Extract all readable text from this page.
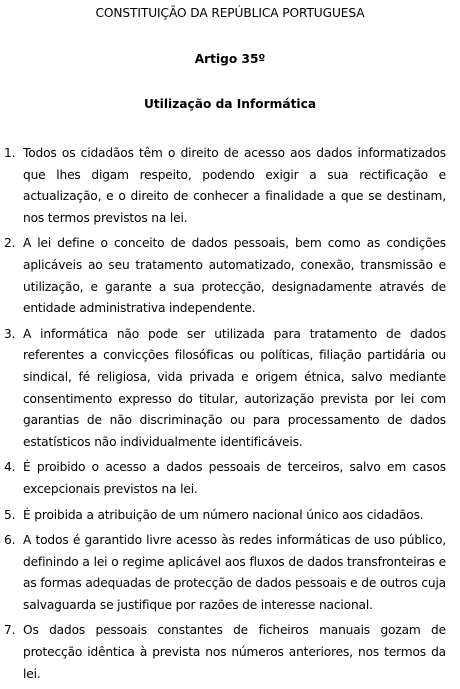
CONSTITUIÇÃO DA REPÚBLICA PORTUGUESA
Artigo 35º
Utilização da Informática
1. Todos os cidadãos têm o direito de acesso aos dados informatizados que lhes digam respeito, podendo exigir a sua rectificação e actualização, e o direito de conhecer a finalidade a que se destinam, nos termos previstos na lei.
2. A lei define o conceito de dados pessoais, bem como as condições aplicáveis ao seu tratamento automatizado, conexão, transmissão e utilização, e garante a sua protecção, designadamente através de entidade administrativa independente.
3. A informática não pode ser utilizada para tratamento de dados referentes a convicções filosóficas ou políticas, filiação partidária ou sindical, fé religiosa, vida privada e origem étnica, salvo mediante consentimento expresso do titular, autorização prevista por lei com garantias de não discriminação ou para processamento de dados estatísticos não individualmente identificáveis.
4. É proibido o acesso a dados pessoais de terceiros, salvo em casos excepcionais previstos na lei.
5. É proibida a atribuição de um número nacional único aos cidadãos.
6. A todos é garantido livre acesso às redes informáticas de uso público, definindo a lei o regime aplicável aos fluxos de dados transfronteiras e as formas adequadas de protecção de dados pessoais e de outros cuja salvaguarda se justifique por razões de interesse nacional.
7. Os dados pessoais constantes de ficheiros manuais gozam de protecção idêntica à prevista nos números anteriores, nos termos da lei.
